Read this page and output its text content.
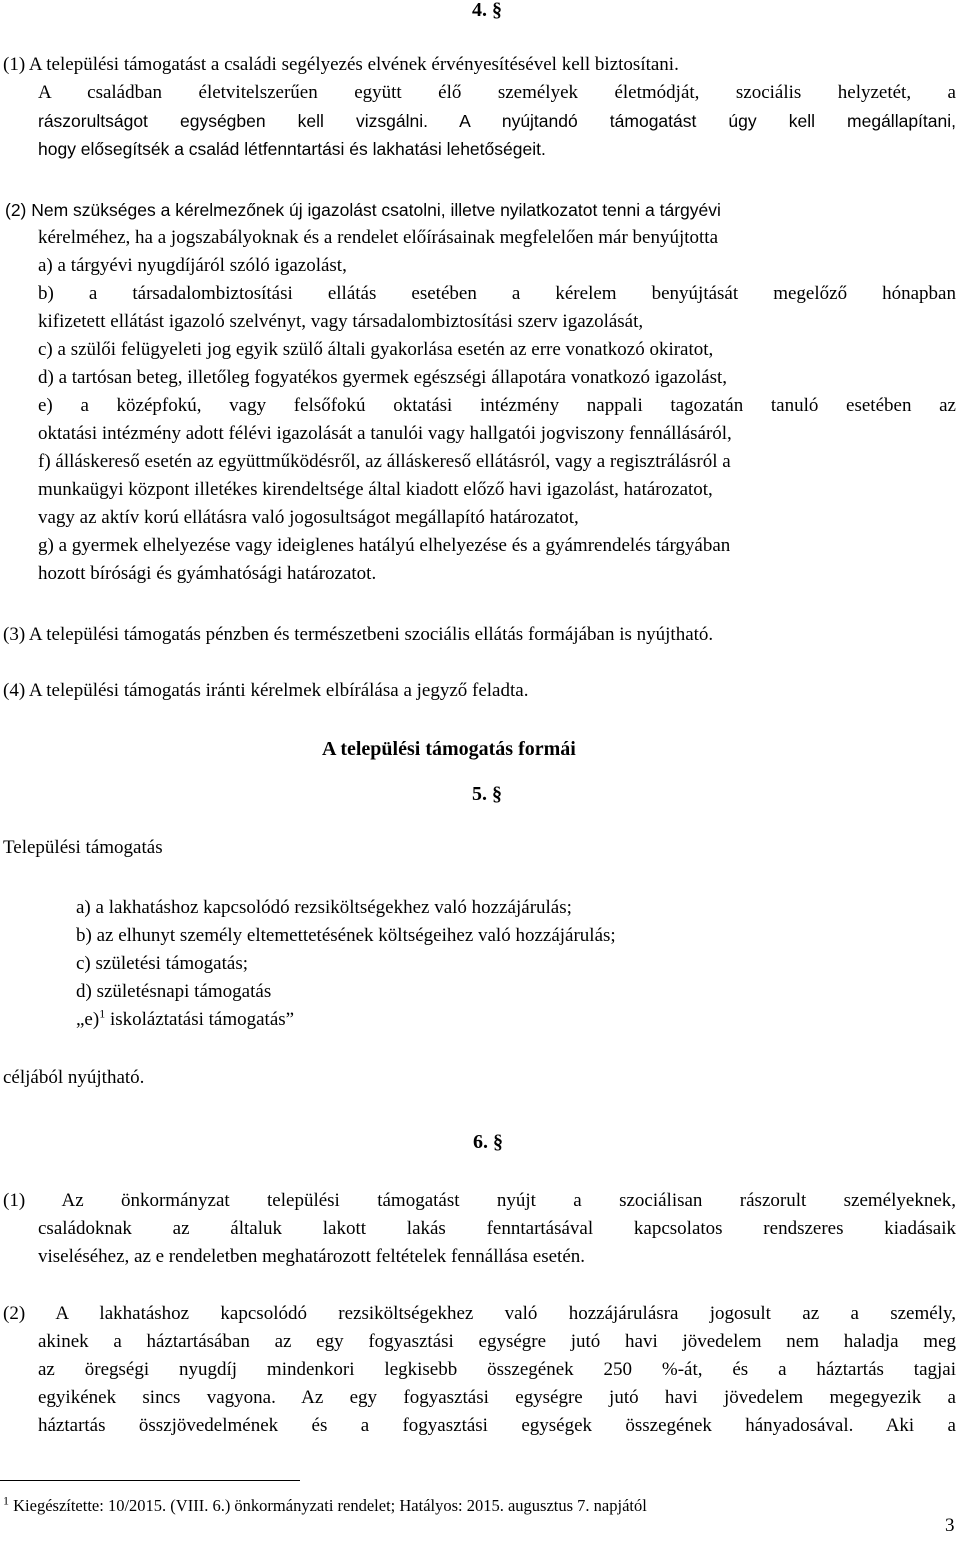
4. §
(1) A települési támogatást a családi segélyezés elvének érvényesítésével kell biztosítani.
A családban életvitelszerűen együtt élő személyek életmódját, szociális helyzetét, a
rászorultságot egységben kell vizsgálni. A nyújtandó támogatást úgy kell megállapítani,
hogy elősegítsék a család létfenntartási és lakhatási lehetőségeit.
(2) Nem szükséges a kérelmezőnek új igazolást csatolni, illetve nyilatkozatot tenni a tárgyévi
kérelméhez, ha a jogszabályoknak és a rendelet előírásainak megfelelően már benyújtotta
a) a tárgyévi nyugdíjáról szóló igazolást,
b) a társadalombiztosítási ellátás esetében a kérelem benyújtását megelőző hónapban
kifizetett ellátást igazoló szelvényt, vagy társadalombiztosítási szerv igazolását,
c) a szülői felügyeleti jog egyik szülő általi gyakorlása esetén az erre vonatkozó okiratot,
d) a tartósan beteg, illetőleg fogyatékos gyermek egészségi állapotára vonatkozó igazolást,
e) a középfokú, vagy felsőfokú oktatási intézmény nappali tagozatán tanuló esetében az
oktatási intézmény adott félévi igazolását a tanulói vagy hallgatói jogviszony fennállásáról,
f) álláskereső esetén az együttműködésről, az álláskereső ellátásról, vagy a regisztrálásról a
munkaügyi központ illetékes kirendeltsége által kiadott előző havi igazolást, határozatot,
vagy az aktív korú ellátásra való jogosultságot megállapító határozatot,
g) a gyermek elhelyezése vagy ideiglenes hatályú elhelyezése és a gyámrendelés tárgyában
hozott bírósági és gyámhatósági határozatot.
(3) A települési támogatás pénzben és természetbeni szociális ellátás formájában is nyújtható.
(4) A települési támogatás iránti kérelmek elbírálása a jegyző feladta.
A települési támogatás formái
5. §
Települési támogatás
a) a lakhatáshoz kapcsolódó rezsiköltségekhez való hozzájárulás;
b) az elhunyt személy eltemettetésének költségeihez való hozzájárulás;
c) születési támogatás;
d) születésnapi támogatás
„e)$^1$ iskoláztatási támogatás”
céljából nyújtható.
6. §
(1) Az önkormányzat települési támogatást nyújt a szociálisan rászorult személyeknek,
családoknak az általuk lakott lakás fenntartásával kapcsolatos rendszeres kiadásaik
viseléséhez, az e rendeletben meghatározott feltételek fennállása esetén.
(2) A lakhatáshoz kapcsolódó rezsiköltségekhez való hozzájárulásra jogosult az a személy,
akinek a háztartásában az egy fogyasztási egységre jutó havi jövedelem nem haladja meg
az öregségi nyugdíj mindenkori legkisebb összegének 250 %-át, és a háztartás tagjai
egyikének sincs vagyona. Az egy fogyasztási egységre jutó havi jövedelem megegyezik a
háztartás összjövedelmének és a fogyasztási egységek összegének hányadosával. Aki a
$^1$ Kiegészítette: 10/2015. (VIII. 6.) önkormányzati rendelet; Hatályos: 2015. augusztus 7. napjától
3
